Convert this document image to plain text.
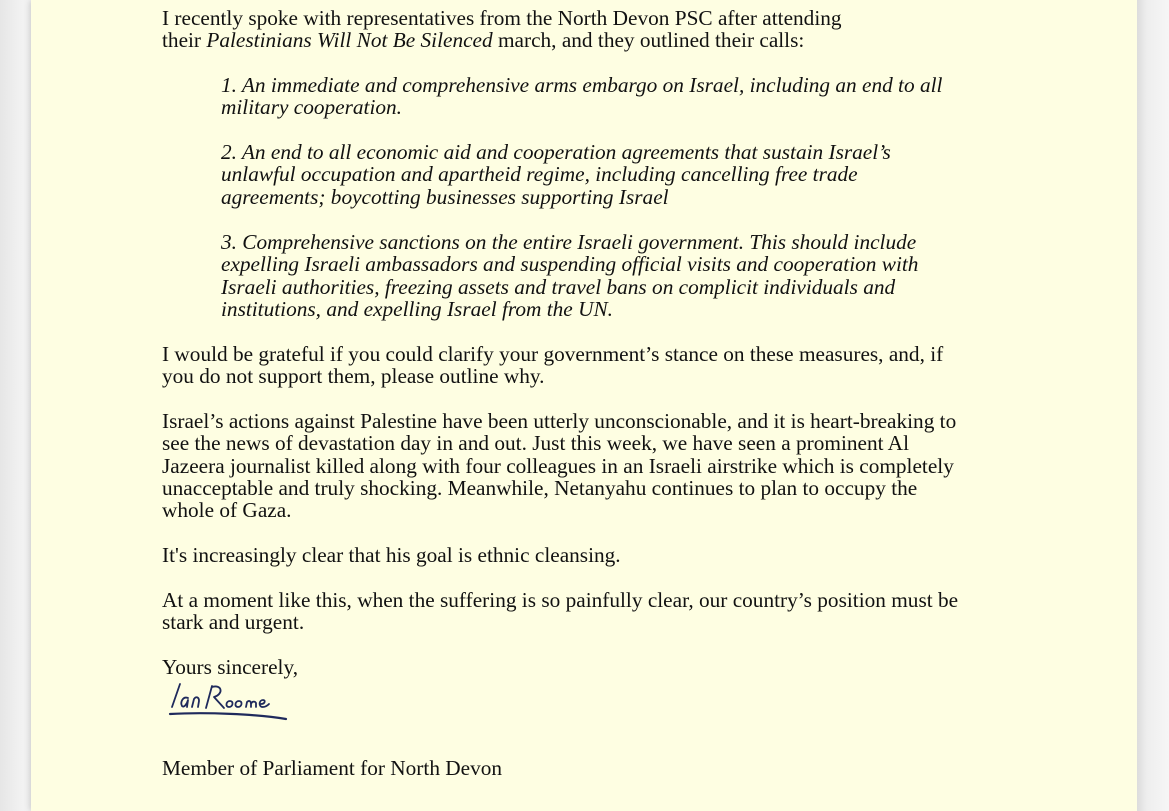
I recently spoke with representatives from the North Devon PSC after attending
their Palestinians Will Not Be Silenced march, and they outlined their calls:

1. An immediate and comprehensive arms embargo on Israel, including an end to all
military cooperation.

2. An end to all economic aid and cooperation agreements that sustain Israel’s
unlawful occupation and apartheid regime, including cancelling free trade
agreements; boycotting businesses supporting Israel

3. Comprehensive sanctions on the entire Israeli government. This should include
expelling Israeli ambassadors and suspending official visits and cooperation with
Israeli authorities, freezing assets and travel bans on complicit individuals and
institutions, and expelling Israel from the UN.

I would be grateful if you could clarify your government’s stance on these measures, and, if
you do not support them, please outline why.

Israel’s actions against Palestine have been utterly unconscionable, and it is heart-breaking to
see the news of devastation day in and out. Just this week, we have seen a prominent Al
Jazeera journalist killed along with four colleagues in an Israeli airstrike which is completely
unacceptable and truly shocking. Meanwhile, Netanyahu continues to plan to occupy the
whole of Gaza.

It's increasingly clear that his goal is ethnic cleansing.

At a moment like this, when the suffering is so painfully clear, our country’s position must be
stark and urgent.

Yours sincerely,

Member of Parliament for North Devon
